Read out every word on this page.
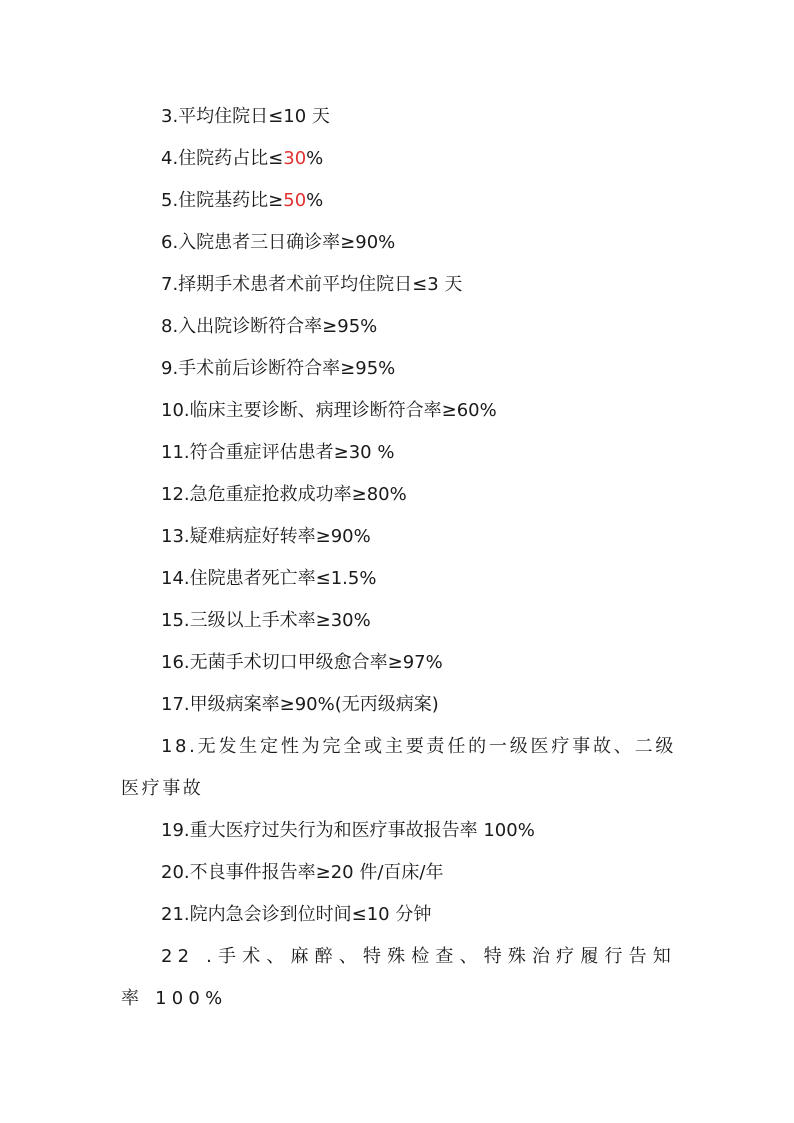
3.平均住院日≤10 天
4.住院药占比≤30%
5.住院基药比≥50%
6.入院患者三日确诊率≥90%
7.择期手术患者术前平均住院日≤3 天
8.入出院诊断符合率≥95%
9.手术前后诊断符合率≥95%
10.临床主要诊断、病理诊断符合率≥60%
11.符合重症评估患者≥30 %
12.急危重症抢救成功率≥80%
13.疑难病症好转率≥90%
14.住院患者死亡率≤1.5%
15.三级以上手术率≥30%
16.无菌手术切口甲级愈合率≥97%
17.甲级病案率≥90%(无丙级病案)
18.无发生定性为完全或主要责任的一级医疗事故、二级医疗事故
19.重大医疗过失行为和医疗事故报告率 100%
20.不良事件报告率≥20 件/百床/年
21.院内急会诊到位时间≤10 分钟
22 .手术、麻醉、特殊检查、特殊治疗履行告知率 100%
